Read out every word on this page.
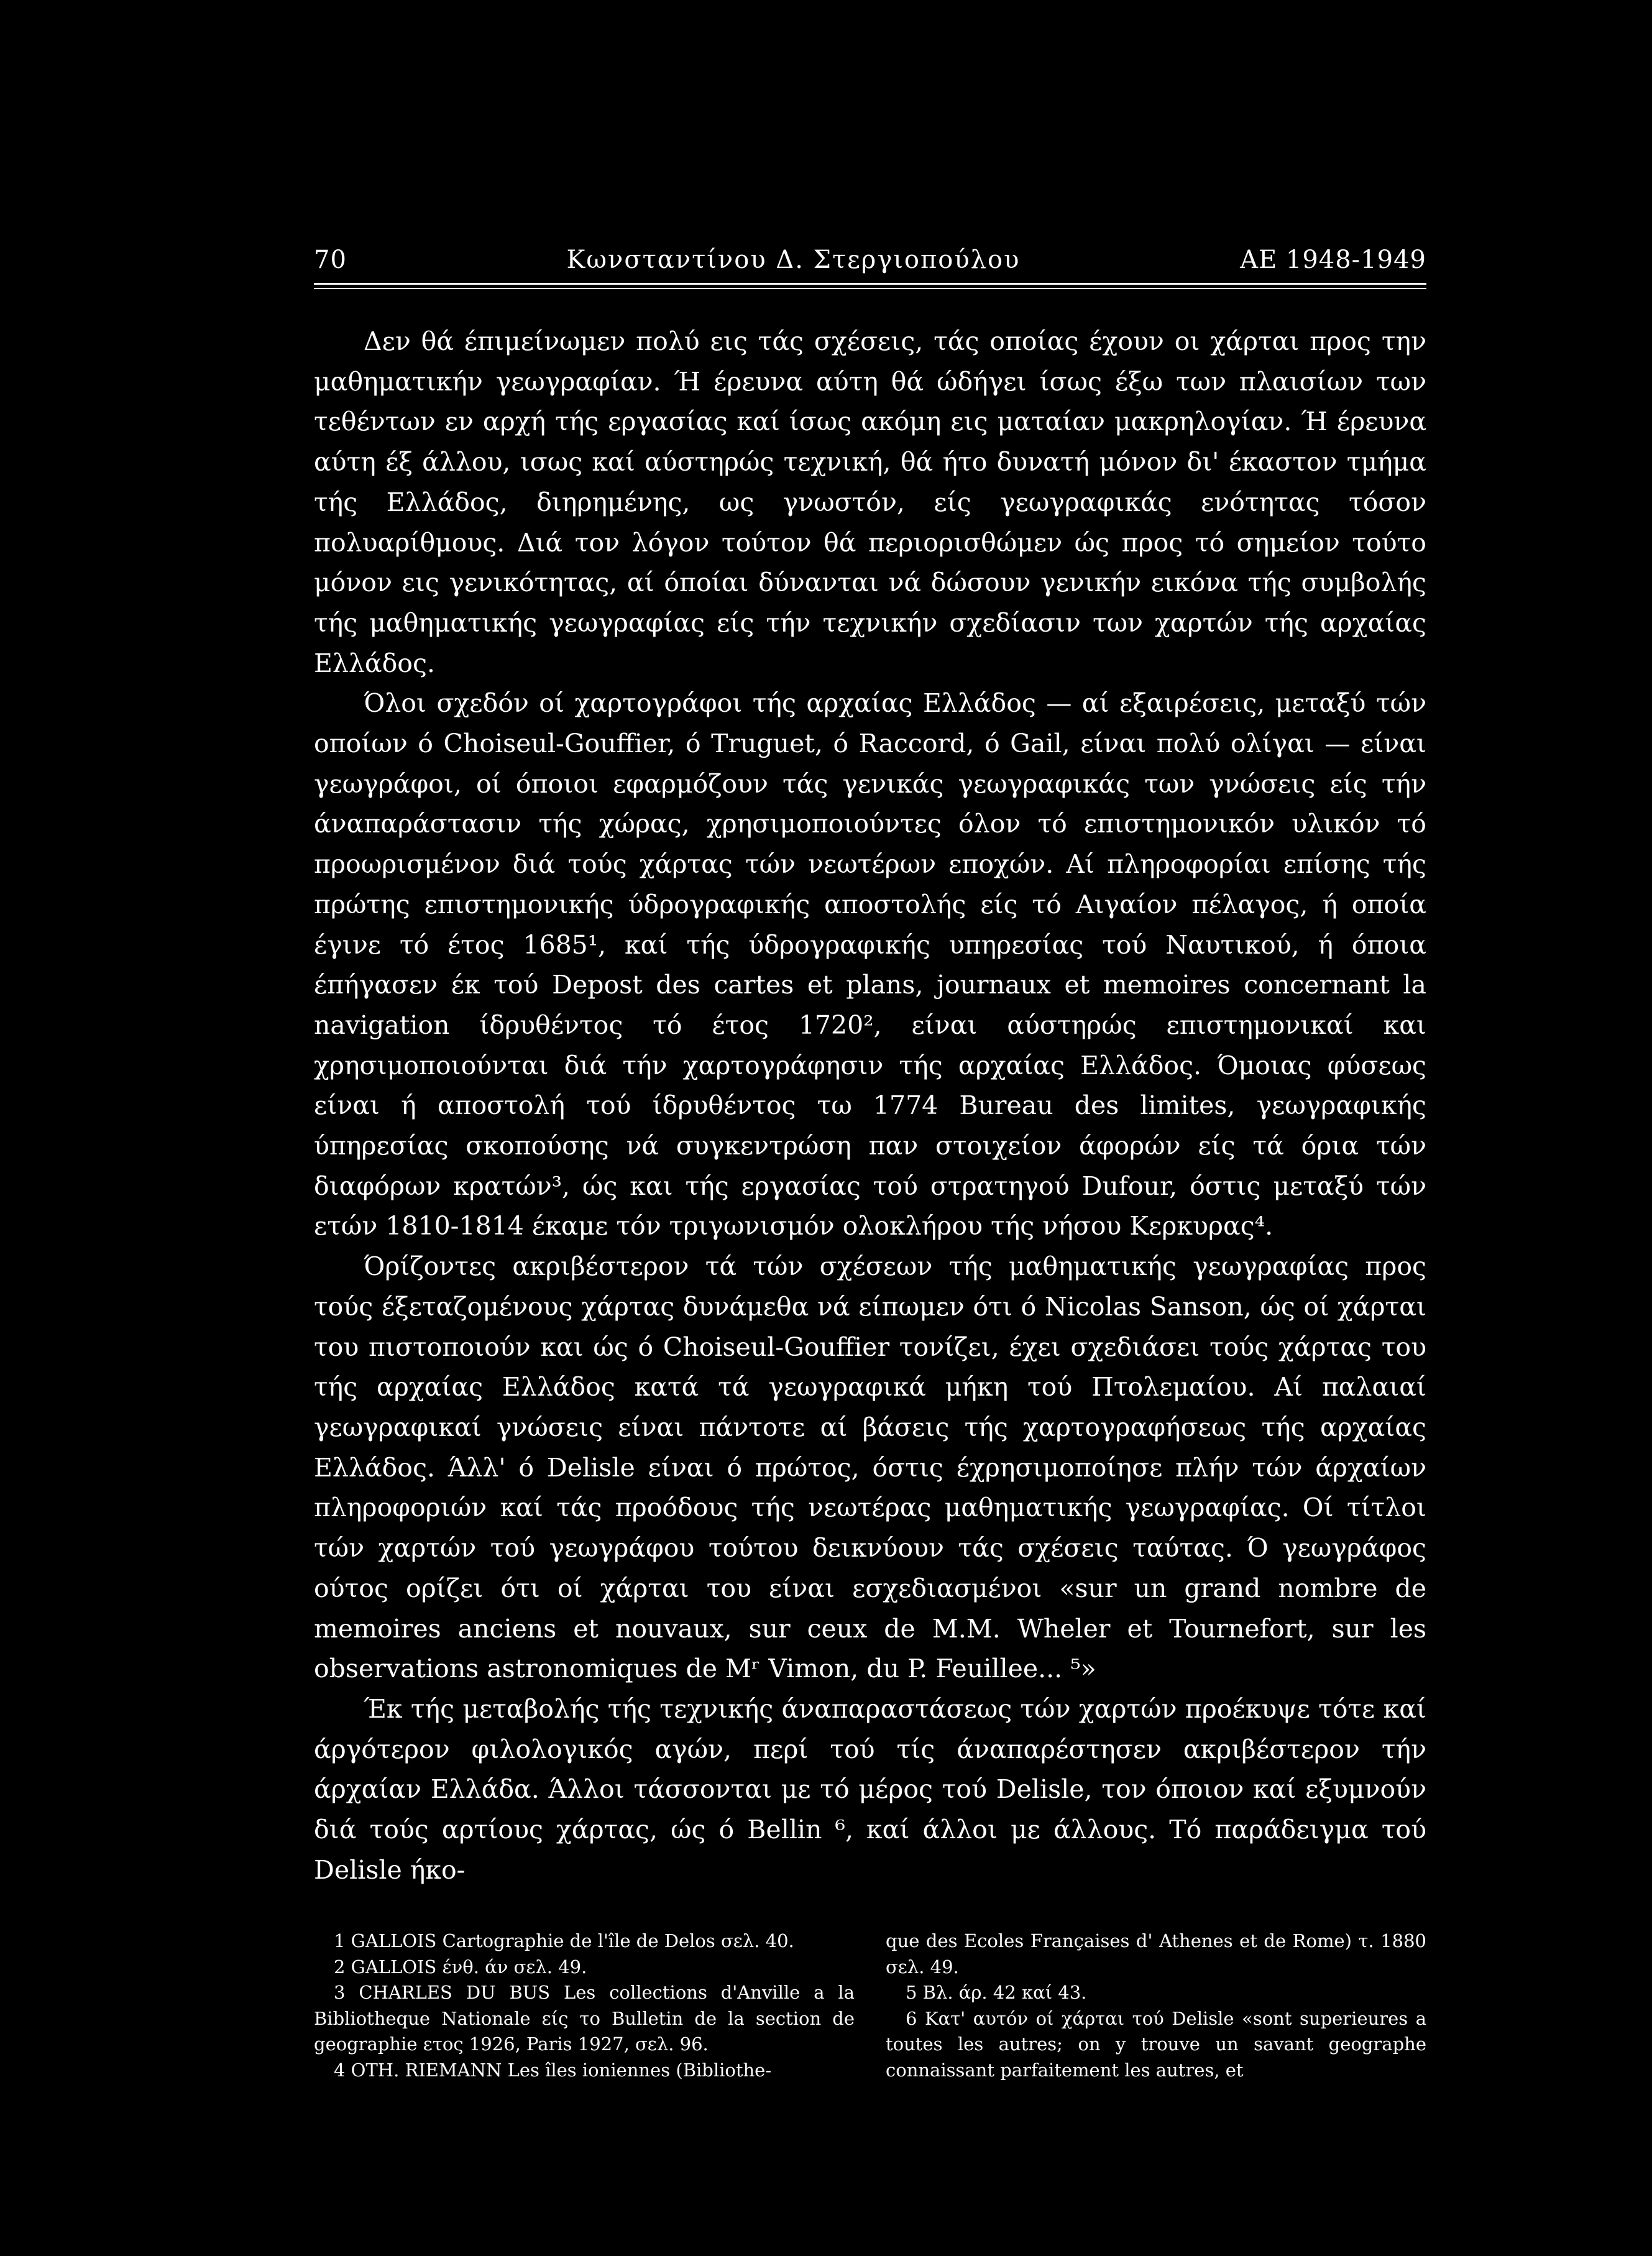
70	Κωνσταντίνου Δ. Στεργιοπούλου	ΑΕ 1948-1949

Δεν θά έπιμείνωμεν πολύ εις τάς σχέσεις, τάς οποίας έχουν οι χάρται προς την μαθηματικήν γεωγραφίαν. Ή έρευνα αύτη θά ώδήγει ίσως έξω των πλαισίων των τεθέντων εν αρχή τής εργασίας καί ίσως ακόμη εις ματαίαν μακρηλογίαν. Ή έρευνα αύτη έξ άλλου, ισως καί αύστηρώς τεχνική, θά ήτο δυνατή μόνον δι' έκαστον τμήμα τής Ελλάδος, διηρημένης, ως γνωστόν, είς γεωγραφικάς ενότητας τόσον πολυαρίθμους. Διά τον λόγον τούτον θά περιορισθώμεν ώς προς τό σημείον τούτο μόνον εις γενικότητας, αί όποίαι δύνανται νά δώσουν γενικήν εικόνα τής συμβολής τής μαθηματικής γεωγραφίας είς τήν τεχνικήν σχεδίασιν των χαρτών τής αρχαίας Ελλάδος.

Όλοι σχεδόν οί χαρτογράφοι τής αρχαίας Ελλάδος — αί εξαιρέσεις, μεταξύ τών οποίων ό Choiseul-Gouffier, ό Truguet, ό Raccord, ό Gail, είναι πολύ ολίγαι — είναι γεωγράφοι, οί όποιοι εφαρμόζουν τάς γενικάς γεωγραφικάς των γνώσεις είς τήν άναπαράστασιν τής χώρας, χρησιμοποιούντες όλον τό επιστημονικόν υλικόν τό προωρισμένον διά τούς χάρτας τών νεωτέρων εποχών. Αί πληροφορίαι επίσης τής πρώτης επιστημονικής ύδρογραφικής αποστολής είς τό Αιγαίον πέλαγος, ή οποία έγινε τό έτος 1685¹, καί τής ύδρογραφικής υπηρεσίας τού Ναυτικού, ή όποια έπήγασεν έκ τού Depost des cartes et plans, journaux et memoires concernant la navigation ίδρυθέντος τό έτος 1720², είναι αύστηρώς επιστημονικαί και χρησιμοποιούνται διά τήν χαρτογράφησιν τής αρχαίας Ελλάδος. Όμοιας φύσεως είναι ή αποστολή τού ίδρυθέντος τω 1774 Bureau des limites, γεωγραφικής ύπηρεσίας σκοπούσης νά συγκεντρώση παν στοιχείον άφορών είς τά όρια τών διαφόρων κρατών³, ώς και τής εργασίας τού στρατηγού Dufour, όστις μεταξύ τών ετών 1810-1814 έκαμε τόν τριγωνισμόν ολοκλήρου τής νήσου Κερκυρας⁴.

Όρίζοντες ακριβέστερον τά τών σχέσεων τής μαθηματικής γεωγραφίας προς τούς έξεταζομένους χάρτας δυνάμεθα νά είπωμεν ότι ό Nicolas Sanson, ώς οί χάρται του πιστοποιούν και ώς ό Choiseul-Gouffier τονίζει, έχει σχεδιάσει τούς χάρτας του τής αρχαίας Ελλάδος κατά τά γεωγραφικά μήκη τού Πτολεμαίου. Αί παλαιαί γεωγραφικαί γνώσεις είναι πάντοτε αί βάσεις τής χαρτογραφήσεως τής αρχαίας Ελλάδος. Άλλ' ό Delisle είναι ό πρώτος, όστις έχρησιμοποίησε πλήν τών άρχαίων πληροφοριών καί τάς προόδους τής νεωτέρας μαθηματικής γεωγραφίας. Οί τίτλοι τών χαρτών τού γεωγράφου τούτου δεικνύουν τάς σχέσεις ταύτας. Ό γεωγράφος ούτος ορίζει ότι οί χάρται του είναι εσχεδιασμένοι «sur un grand nombre de memoires anciens et nouvaux, sur ceux de M.M. Wheler et Tournefort, sur les observations astronomiques de Mʳ Vimon, du P. Feuillee... ⁵»

Έκ τής μεταβολής τής τεχνικής άναπαραστάσεως τών χαρτών προέκυψε τότε καί άργότερον φιλολογικός αγών, περί τού τίς άναπαρέστησεν ακριβέστερον τήν άρχαίαν Ελλάδα. Άλλοι τάσσονται με τό μέρος τού Delisle, τον όποιον καί εξυμνούν διά τούς αρτίους χάρτας, ώς ό Bellin ⁶, καί άλλοι με άλλους. Τό παράδειγμα τού Delisle ήκο-

1 GALLOIS Cartographie de l'île de Delos σελ. 40.

2 GALLOIS ένθ. άν σελ. 49.

3 CHARLES DU BUS Les collections d'Anville a la Bibliotheque Nationale είς το Bulletin de la section de geographie ετος 1926, Paris 1927, σελ. 96.

4 ΟΤΗ. RIEMANN Les îles ioniennes (Bibliothe-

que des Ecoles Françaises d' Athenes et de Rome) τ. 1880 σελ. 49.

5 Βλ. άρ. 42 καί 43.

6 Κατ' αυτόν οί χάρται τού Delisle «sont superieures a toutes les autres; on y trouve un savant geographe connaissant parfaitement les autres, et
